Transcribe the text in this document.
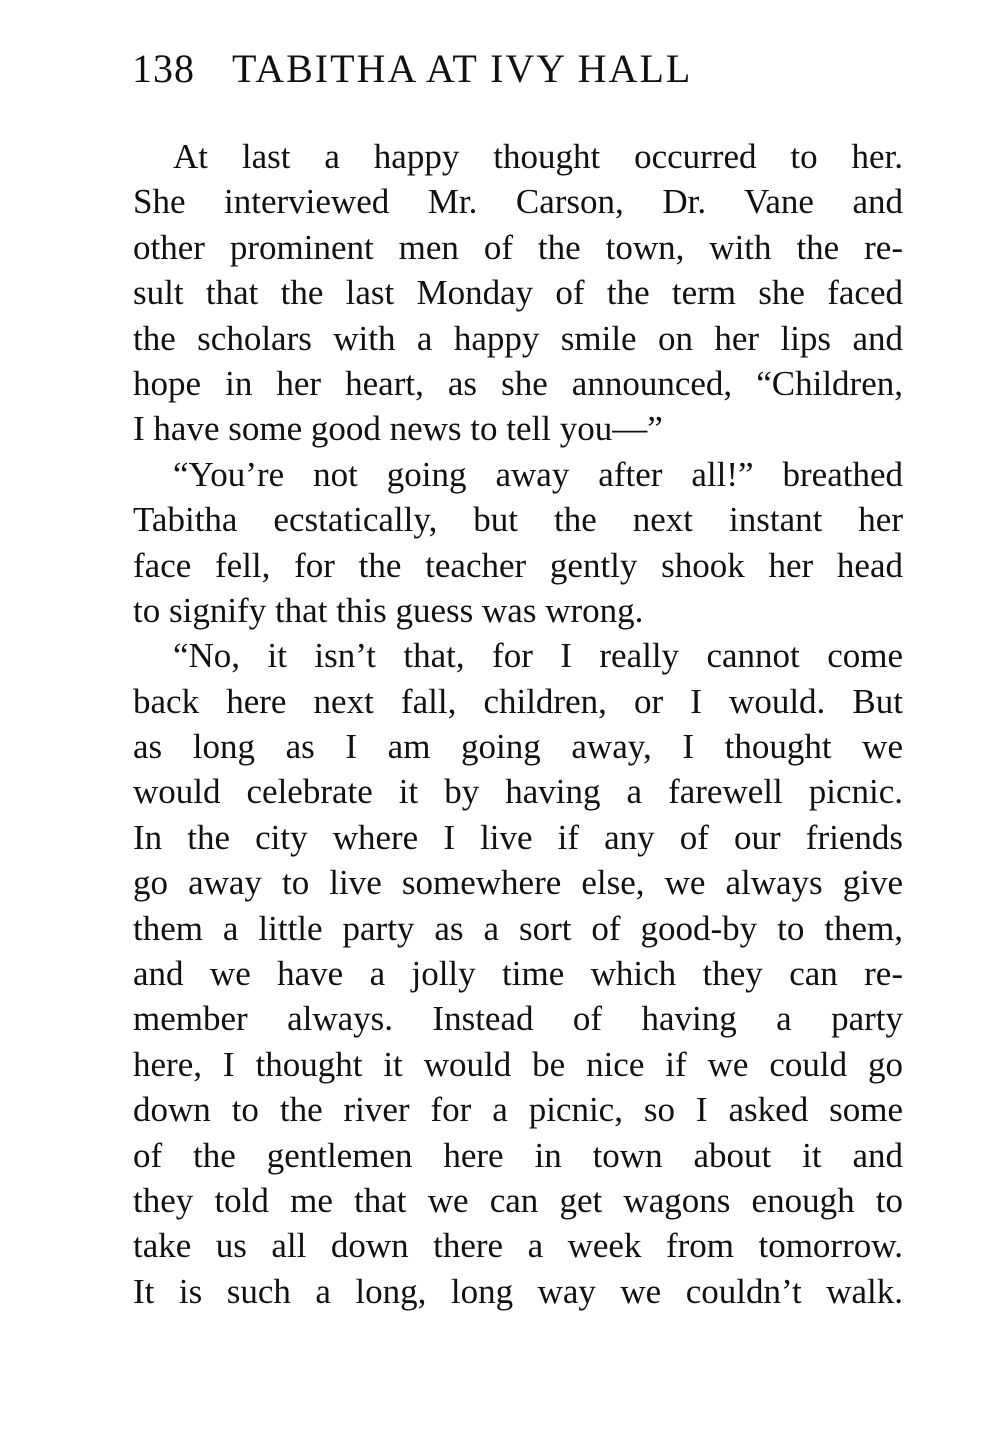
138 TABITHA AT IVY HALL
At last a happy thought occurred to her.
She interviewed Mr. Carson, Dr. Vane and
other prominent men of the town, with the re-
sult that the last Monday of the term she faced
the scholars with a happy smile on her lips and
hope in her heart, as she announced, “Children,
I have some good news to tell you—”
“You’re not going away after all!” breathed
Tabitha ecstatically, but the next instant her
face fell, for the teacher gently shook her head
to signify that this guess was wrong.
“No, it isn’t that, for I really cannot come
back here next fall, children, or I would. But
as long as I am going away, I thought we
would celebrate it by having a farewell picnic.
In the city where I live if any of our friends
go away to live somewhere else, we always give
them a little party as a sort of good-by to them,
and we have a jolly time which they can re-
member always. Instead of having a party
here, I thought it would be nice if we could go
down to the river for a picnic, so I asked some
of the gentlemen here in town about it and
they told me that we can get wagons enough to
take us all down there a week from tomorrow.
It is such a long, long way we couldn’t walk.
